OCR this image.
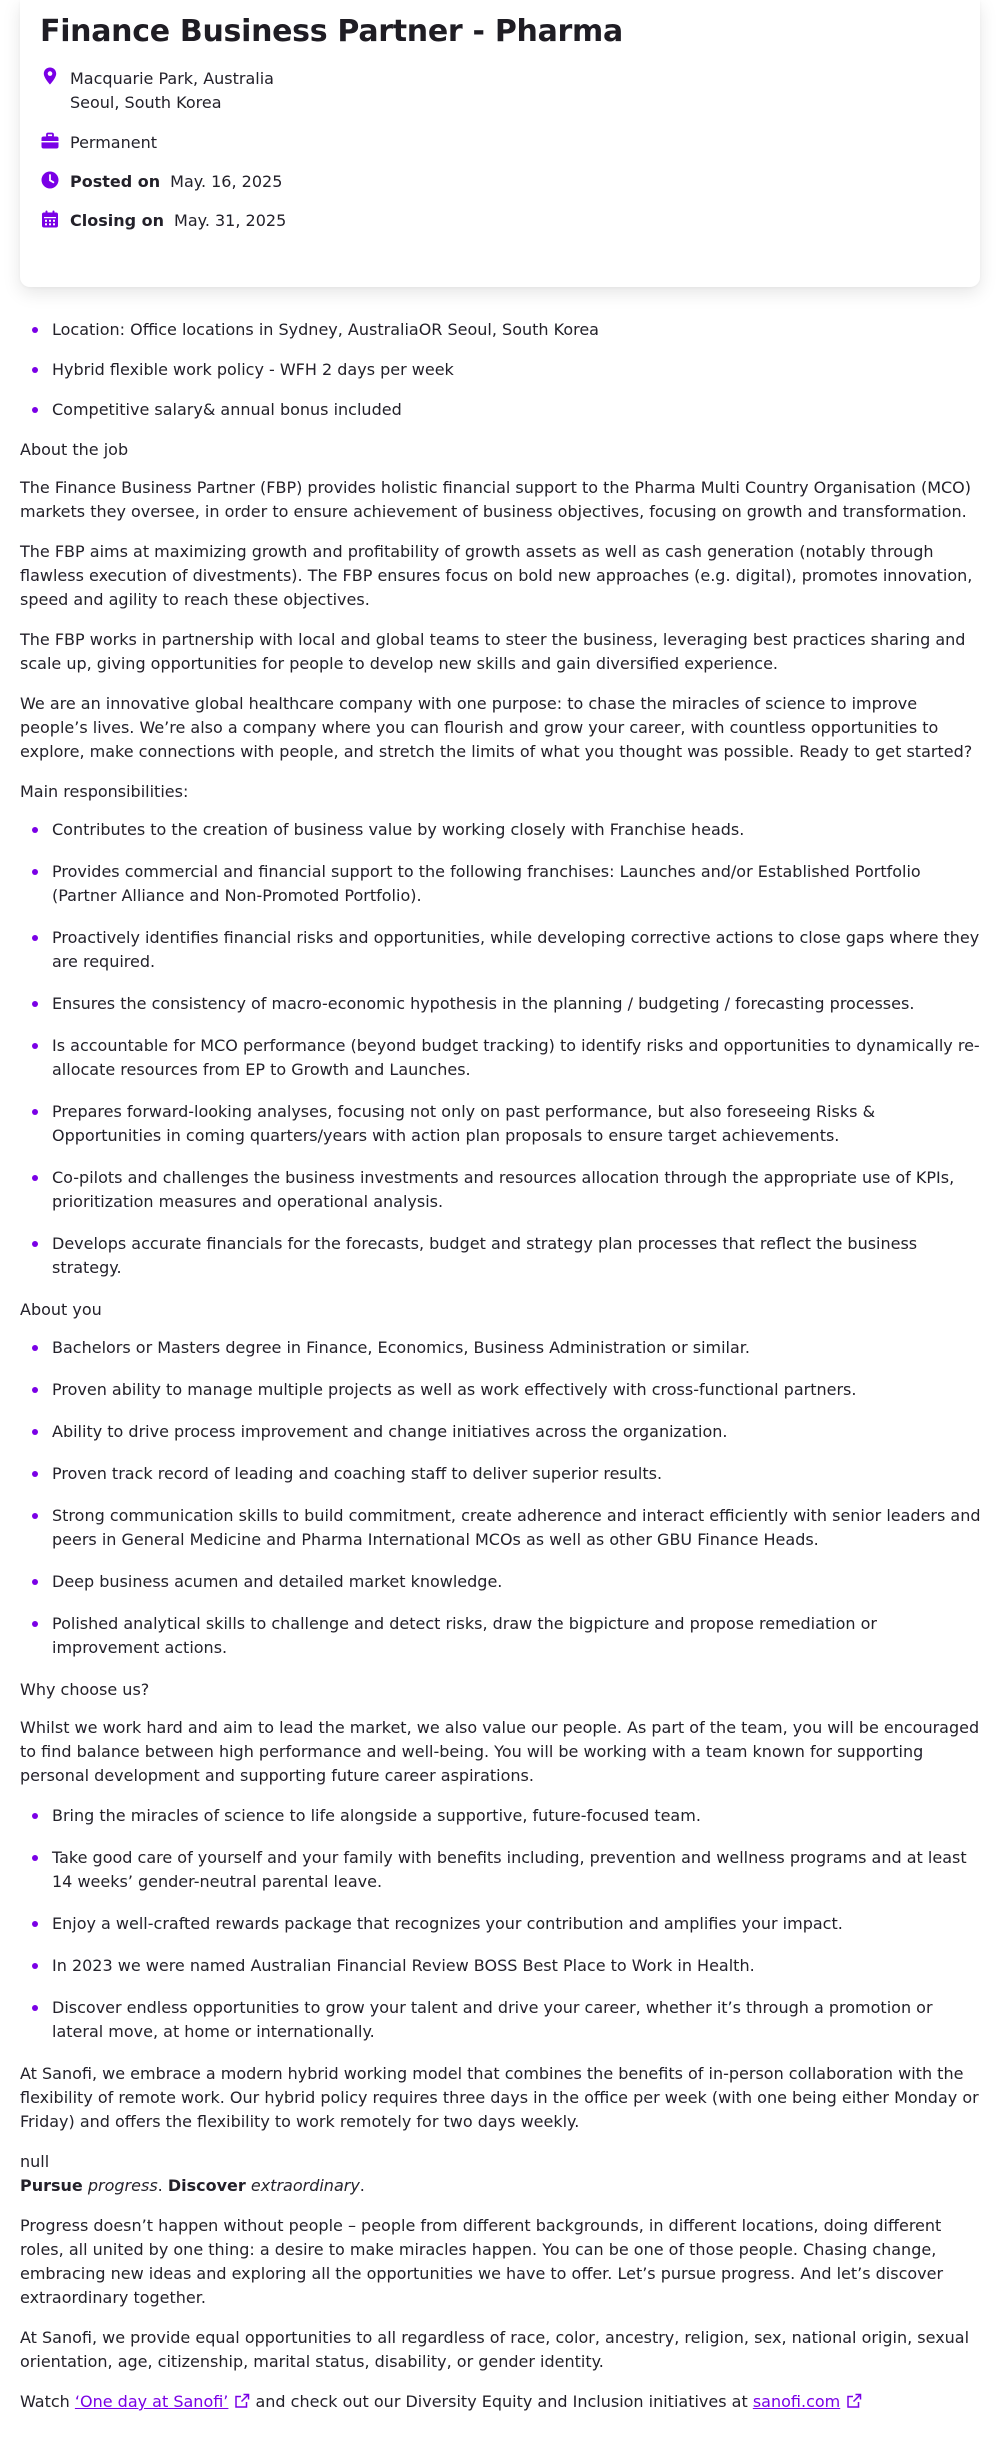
Finance Business Partner - Pharma
Macquarie Park, Australia
Seoul, South Korea
Permanent
Posted on May. 16, 2025
Closing on May. 31, 2025
Location: Office locations in Sydney, AustraliaOR Seoul, South Korea
Hybrid flexible work policy - WFH 2 days per week
Competitive salary& annual bonus included

About the job

The Finance Business Partner (FBP) provides holistic financial support to the Pharma Multi Country Organisation (MCO) markets they oversee, in order to ensure achievement of business objectives, focusing on growth and transformation.

The FBP aims at maximizing growth and profitability of growth assets as well as cash generation (notably through flawless execution of divestments). The FBP ensures focus on bold new approaches (e.g. digital), promotes innovation, speed and agility to reach these objectives.

The FBP works in partnership with local and global teams to steer the business, leveraging best practices sharing and scale up, giving opportunities for people to develop new skills and gain diversified experience.

We are an innovative global healthcare company with one purpose: to chase the miracles of science to improve people’s lives. We’re also a company where you can flourish and grow your career, with countless opportunities to explore, make connections with people, and stretch the limits of what you thought was possible. Ready to get started?

Main responsibilities:

Contributes to the creation of business value by working closely with Franchise heads.
Provides commercial and financial support to the following franchises: Launches and/or Established Portfolio (Partner Alliance and Non-Promoted Portfolio).
Proactively identifies financial risks and opportunities, while developing corrective actions to close gaps where they are required.
Ensures the consistency of macro-economic hypothesis in the planning / budgeting / forecasting processes.
Is accountable for MCO performance (beyond budget tracking) to identify risks and opportunities to dynamically re-allocate resources from EP to Growth and Launches.
Prepares forward-looking analyses, focusing not only on past performance, but also foreseeing Risks & Opportunities in coming quarters/years with action plan proposals to ensure target achievements.
Co-pilots and challenges the business investments and resources allocation through the appropriate use of KPIs, prioritization measures and operational analysis.
Develops accurate financials for the forecasts, budget and strategy plan processes that reflect the business strategy.

About you

Bachelors or Masters degree in Finance, Economics, Business Administration or similar.
Proven ability to manage multiple projects as well as work effectively with cross-functional partners.
Ability to drive process improvement and change initiatives across the organization.
Proven track record of leading and coaching staff to deliver superior results.
Strong communication skills to build commitment, create adherence and interact efficiently with senior leaders and peers in General Medicine and Pharma International MCOs as well as other GBU Finance Heads.
Deep business acumen and detailed market knowledge.
Polished analytical skills to challenge and detect risks, draw the bigpicture and propose remediation or improvement actions.

Why choose us?

Whilst we work hard and aim to lead the market, we also value our people. As part of the team, you will be encouraged to find balance between high performance and well-being. You will be working with a team known for supporting personal development and supporting future career aspirations.

Bring the miracles of science to life alongside a supportive, future-focused team.
Take good care of yourself and your family with benefits including, prevention and wellness programs and at least 14 weeks’ gender-neutral parental leave.
Enjoy a well-crafted rewards package that recognizes your contribution and amplifies your impact.
In 2023 we were named Australian Financial Review BOSS Best Place to Work in Health.
Discover endless opportunities to grow your talent and drive your career, whether it’s through a promotion or lateral move, at home or internationally.

At Sanofi, we embrace a modern hybrid working model that combines the benefits of in-person collaboration with the flexibility of remote work. Our hybrid policy requires three days in the office per week (with one being either Monday or Friday) and offers the flexibility to work remotely for two days weekly.

null

Pursue progress. Discover extraordinary.

Progress doesn’t happen without people – people from different backgrounds, in different locations, doing different roles, all united by one thing: a desire to make miracles happen. You can be one of those people. Chasing change, embracing new ideas and exploring all the opportunities we have to offer. Let’s pursue progress. And let’s discover extraordinary together.

At Sanofi, we provide equal opportunities to all regardless of race, color, ancestry, religion, sex, national origin, sexual orientation, age, citizenship, marital status, disability, or gender identity.

Watch ‘One day at Sanofi’
and check out our Diversity Equity and Inclusion initiatives at sanofi.com
